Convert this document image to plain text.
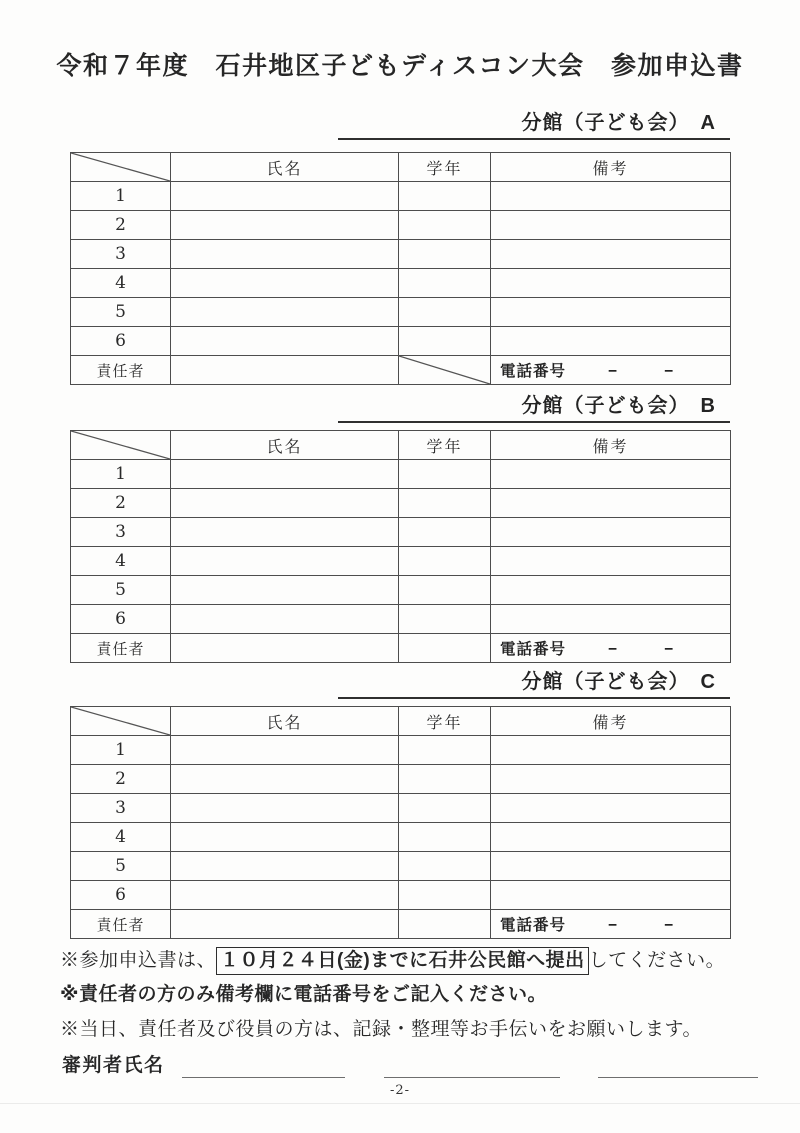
令和７年度　石井地区子どもディスコン大会　参加申込書
分館（子ども会）　A
	氏名	学年	備考
1			
2			
3			
4			
5			
6			
責任者			電話番号 − −
分館（子ども会）　B
	氏名	学年	備考
1			
2			
3			
4			
5			
6			
責任者			電話番号 − −
分館（子ども会）　C
	氏名	学年	備考
1			
2			
3			
4			
5			
6			
責任者			電話番号 − −
※参加申込書は、 １０月２４日(金)までに石井公民館へ提出 してください。
※責任者の方のみ備考欄に電話番号をご記入ください。
※当日、責任者及び役員の方は、記録・整理等お手伝いをお願いします。
審判者氏名
-2-
